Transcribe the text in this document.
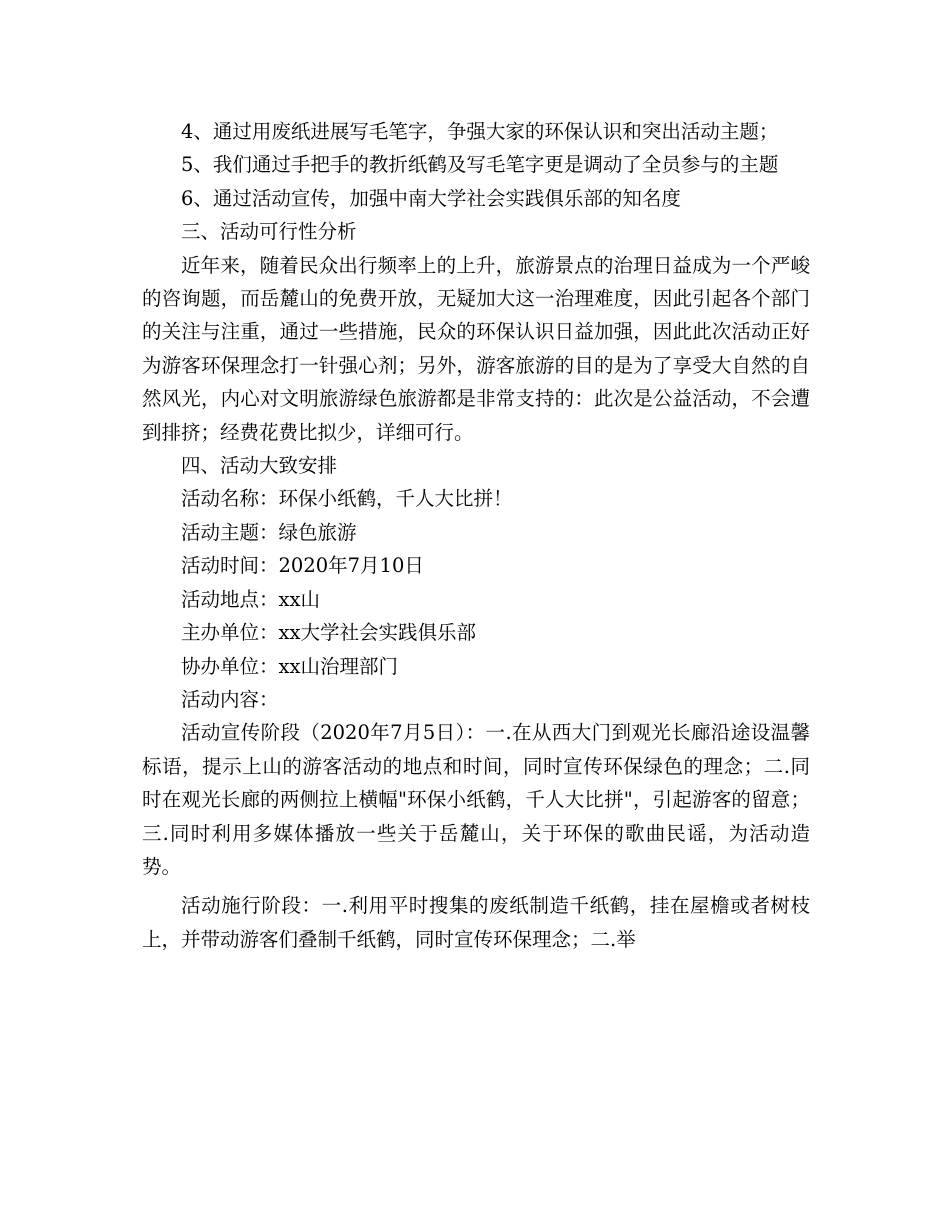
4、通过用废纸进展写毛笔字，争强大家的环保认识和突出活动主题；

5、我们通过手把手的教折纸鹤及写毛笔字更是调动了全员参与的主题

6、通过活动宣传，加强中南大学社会实践俱乐部的知名度

三、活动可行性分析

近年来，随着民众出行频率上的上升，旅游景点的治理日益成为一个严峻的咨询题，而岳麓山的免费开放，无疑加大这一治理难度，因此引起各个部门的关注与注重，通过一些措施，民众的环保认识日益加强，因此此次活动正好为游客环保理念打一针强心剂；另外，游客旅游的目的是为了享受大自然的自然风光，内心对文明旅游绿色旅游都是非常支持的：此次是公益活动，不会遭到排挤；经费花费比拟少，详细可行。

四、活动大致安排

活动名称：环保小纸鹤，千人大比拼！

活动主题：绿色旅游

活动时间：2020年7月10日

活动地点：xx山

主办单位：xx大学社会实践俱乐部

协办单位：xx山治理部门

活动内容：

活动宣传阶段（2020年7月5日）：一.在从西大门到观光长廊沿途设温馨标语，提示上山的游客活动的地点和时间，同时宣传环保绿色的理念；二.同时在观光长廊的两侧拉上横幅"环保小纸鹤，千人大比拼"，引起游客的留意；三.同时利用多媒体播放一些关于岳麓山，关于环保的歌曲民谣，为活动造势。

活动施行阶段：一.利用平时搜集的废纸制造千纸鹤，挂在屋檐或者树枝上，并带动游客们叠制千纸鹤，同时宣传环保理念；二.举
